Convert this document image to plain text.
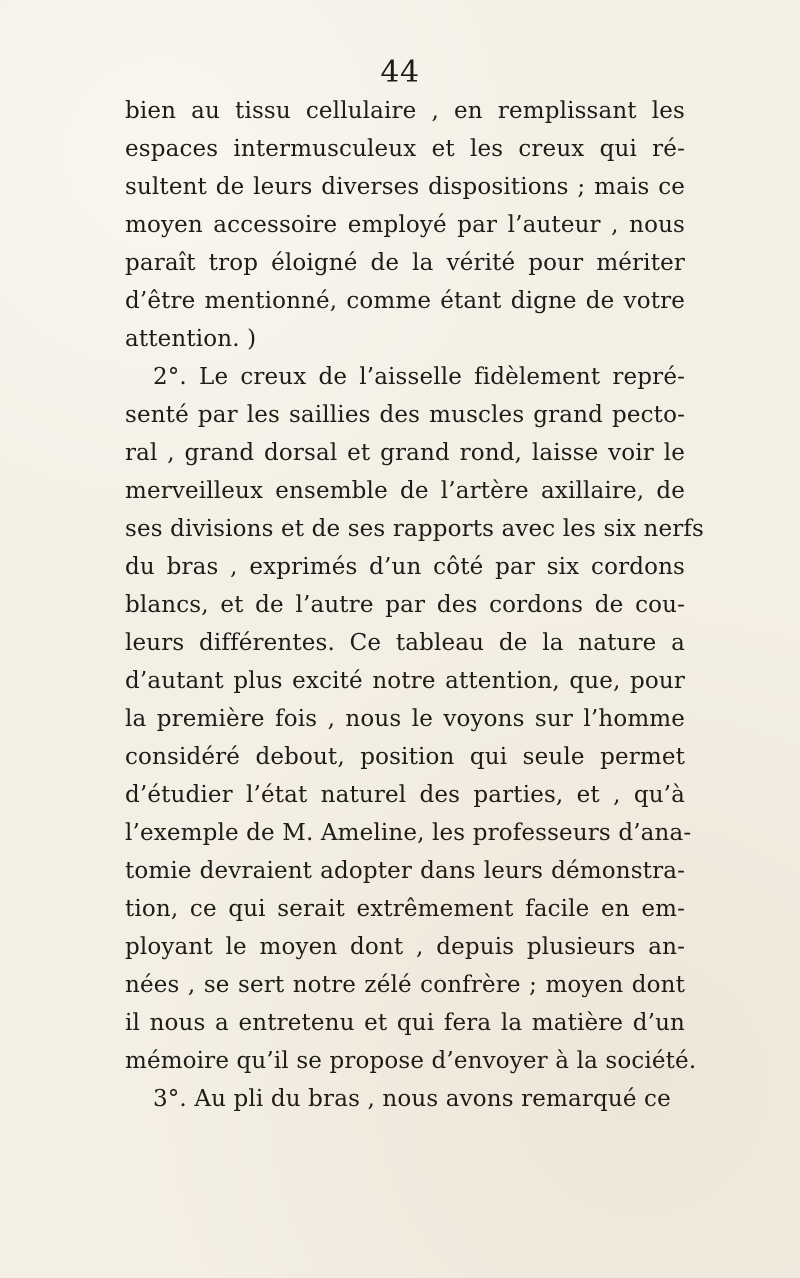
44
bien au tissu cellulaire , en remplissant les
espaces intermusculeux et les creux qui ré-
sultent de leurs diverses dispositions ; mais ce
moyen accessoire employé par l’auteur , nous
paraît trop éloigné de la vérité pour mériter
d’être mentionné, comme étant digne de votre
attention. )
2°. Le creux de l’aisselle fidèlement repré-
senté par les saillies des muscles grand pecto-
ral , grand dorsal et grand rond, laisse voir le
merveilleux ensemble de l’artère axillaire, de
ses divisions et de ses rapports avec les six nerfs
du bras , exprimés d’un côté par six cordons
blancs, et de l’autre par des cordons de cou-
leurs différentes. Ce tableau de la nature a
d’autant plus excité notre attention, que, pour
la première fois , nous le voyons sur l’homme
considéré debout, position qui seule permet
d’étudier l’état naturel des parties, et , qu’à
l’exemple de M. Ameline, les professeurs d’ana-
tomie devraient adopter dans leurs démonstra-
tion, ce qui serait extrêmement facile en em-
ployant le moyen dont , depuis plusieurs an-
nées , se sert notre zélé confrère ; moyen dont
il nous a entretenu et qui fera la matière d’un
mémoire qu’il se propose d’envoyer à la société.
3°. Au pli du bras , nous avons remarqué ce
